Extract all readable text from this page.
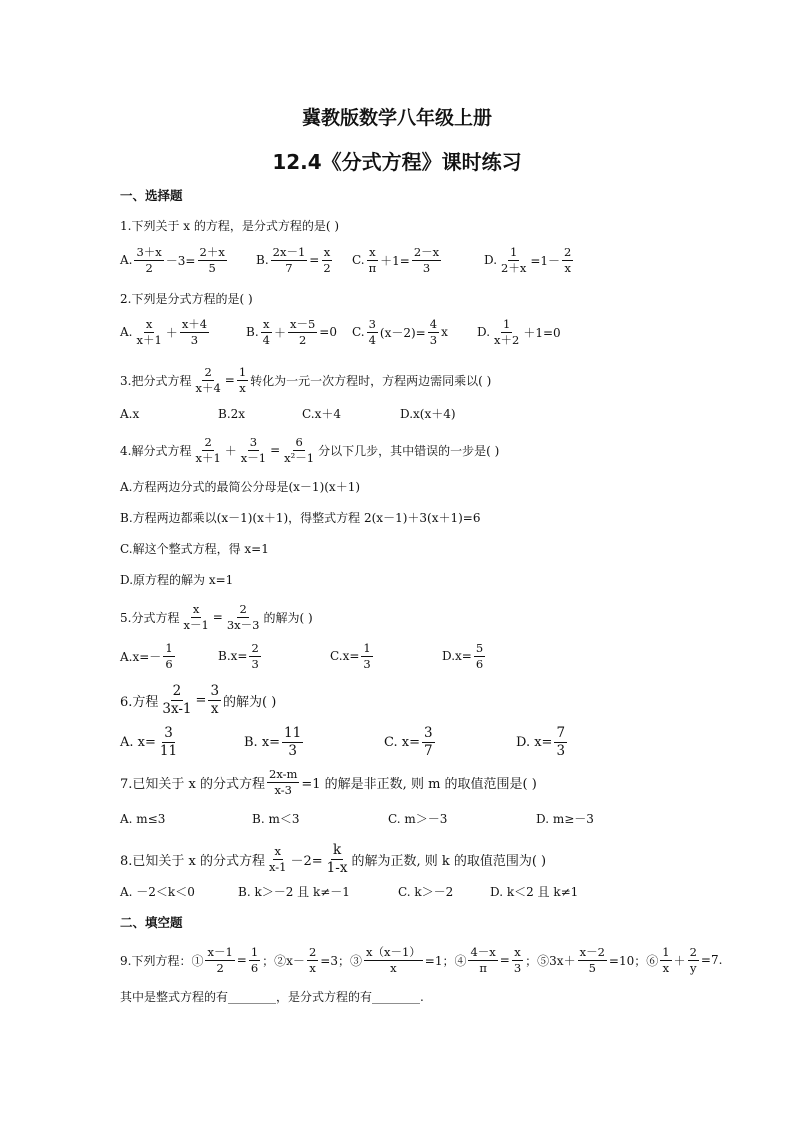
冀教版数学八年级上册
12.4《分式方程》课时练习
一、选择题
1.下列关于 x 的方程，是分式方程的是( )
A. $\frac{3+x}{2} -3= \frac{2+x}{5} B$. $\frac{2x-1}{7} = \frac{x}{2} C$. $\frac{x}{\pi} +1= \frac{2-x}{3}$	D. $\frac{1}{2+x} =1- \frac{2}{x}$
2.下列是分式方程的是( )
A. $\frac{x}{x+1} + \frac{x+4}{3}$	B. $\frac{x}{4} + \frac{x-5}{2} =0$ C. $\frac{3}{4} (x-2)= \frac{4}{3}$ x D. $\frac{1}{x+2} +1=0$
3.把分式方程 $\frac{2}{x+4} = \frac{1}{x}$ 转化为一元一次方程时，方程两边需同乘以( )
A.x	B.2x	C.x＋4	D.x(x＋4)
4.解分式方程 $\frac{2}{x+1} + \frac{3}{x-1} = \frac{6}{\text{x²－1}}$ 分以下几步，其中错误的一步是( )
A.方程两边分式的最简公分母是(x－1)(x＋1)
B.方程两边都乘以(x－1)(x＋1)，得整式方程 2(x－1)＋3(x＋1)=6
C.解这个整式方程，得 x=1
D.原方程的解为 x=1
5.分式方程 $\frac{x}{x-1} = \frac{2}{3x-3}$ 的解为( )
$A.x=- \frac{1}{6}$	$B.x= \frac{2}{3}$	$C.x= \frac{1}{3}$	$D.x= \frac{5}{6}$
6.方程 $\frac{2}{3x-1} = \frac{3}{x}$ 的解为( )
A. $x= \frac{3}{11}$	B. $x= \frac{11}{3}$	C. $x= \frac{3}{7}$	D. $x= \frac{7}{3}$
7.已知关于 x 的分式方程 $\frac{2x-m}{x-3} =1$ 的解是非正数, 则 m 的取值范围是( )
A. m≤3	B. m＜3	C. m＞－3	D. m≥－3
8.已知关于 x 的分式方程 $\frac{x}{x-1} -2= \frac{k}{1-x}$ 的解为正数, 则 k 的取值范围为( )
A. －2＜k＜0	B. k＞－2 且 k≠－1	C. k＞－2	D. k＜2 且 k≠1
二、填空题
9.下列方程：① $\frac{x-1}{2} = \frac{1}{6}$ ；②x－ $\frac{2}{x} =3$；③ $\frac{x(x-1)}{x} =1$；④ $\frac{4-x}{\pi} = \frac{x}{3}$ ；⑤3x＋ $\frac{x-2}{5} =10$；⑥ $\frac{1}{x} + \frac{2}{y} =7$.
其中是整式方程的有________，是分式方程的有________.
